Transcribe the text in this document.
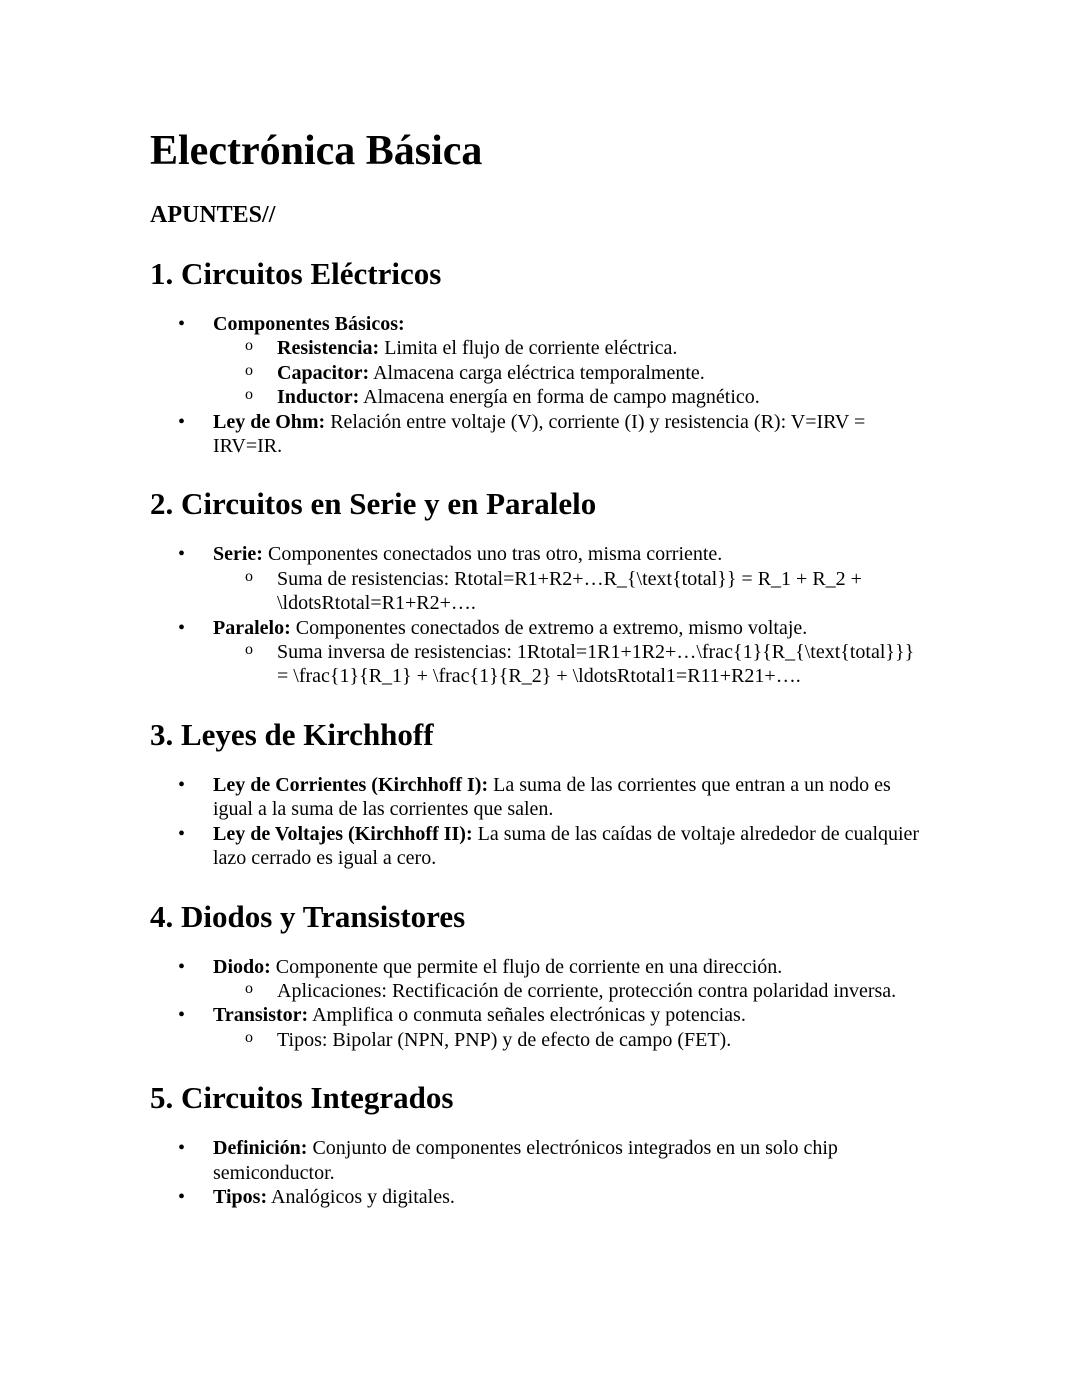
Electrónica Básica
APUNTES//
1. Circuitos Eléctricos
• Componentes Básicos:
o Resistencia: Limita el flujo de corriente eléctrica.
o Capacitor: Almacena carga eléctrica temporalmente.
o Inductor: Almacena energía en forma de campo magnético.
• Ley de Ohm: Relación entre voltaje (V), corriente (I) y resistencia (R): V=IRV = IRV=IR.
2. Circuitos en Serie y en Paralelo
• Serie: Componentes conectados uno tras otro, misma corriente.
o Suma de resistencias: Rtotal=R1+R2+…R_{\text{total}} = R_1 + R_2 + \ldotsRtotal=R1+R2+….
• Paralelo: Componentes conectados de extremo a extremo, mismo voltaje.
o Suma inversa de resistencias: 1Rtotal=1R1+1R2+…\frac{1}{R_{\text{total}}} = \frac{1}{R_1} + \frac{1}{R_2} + \ldotsRtotal1=R11+R21+….
3. Leyes de Kirchhoff
• Ley de Corrientes (Kirchhoff I): La suma de las corrientes que entran a un nodo es igual a la suma de las corrientes que salen.
• Ley de Voltajes (Kirchhoff II): La suma de las caídas de voltaje alrededor de cualquier lazo cerrado es igual a cero.
4. Diodos y Transistores
• Diodo: Componente que permite el flujo de corriente en una dirección.
o Aplicaciones: Rectificación de corriente, protección contra polaridad inversa.
• Transistor: Amplifica o conmuta señales electrónicas y potencias.
o Tipos: Bipolar (NPN, PNP) y de efecto de campo (FET).
5. Circuitos Integrados
• Definición: Conjunto de componentes electrónicos integrados en un solo chip semiconductor.
• Tipos: Analógicos y digitales.
